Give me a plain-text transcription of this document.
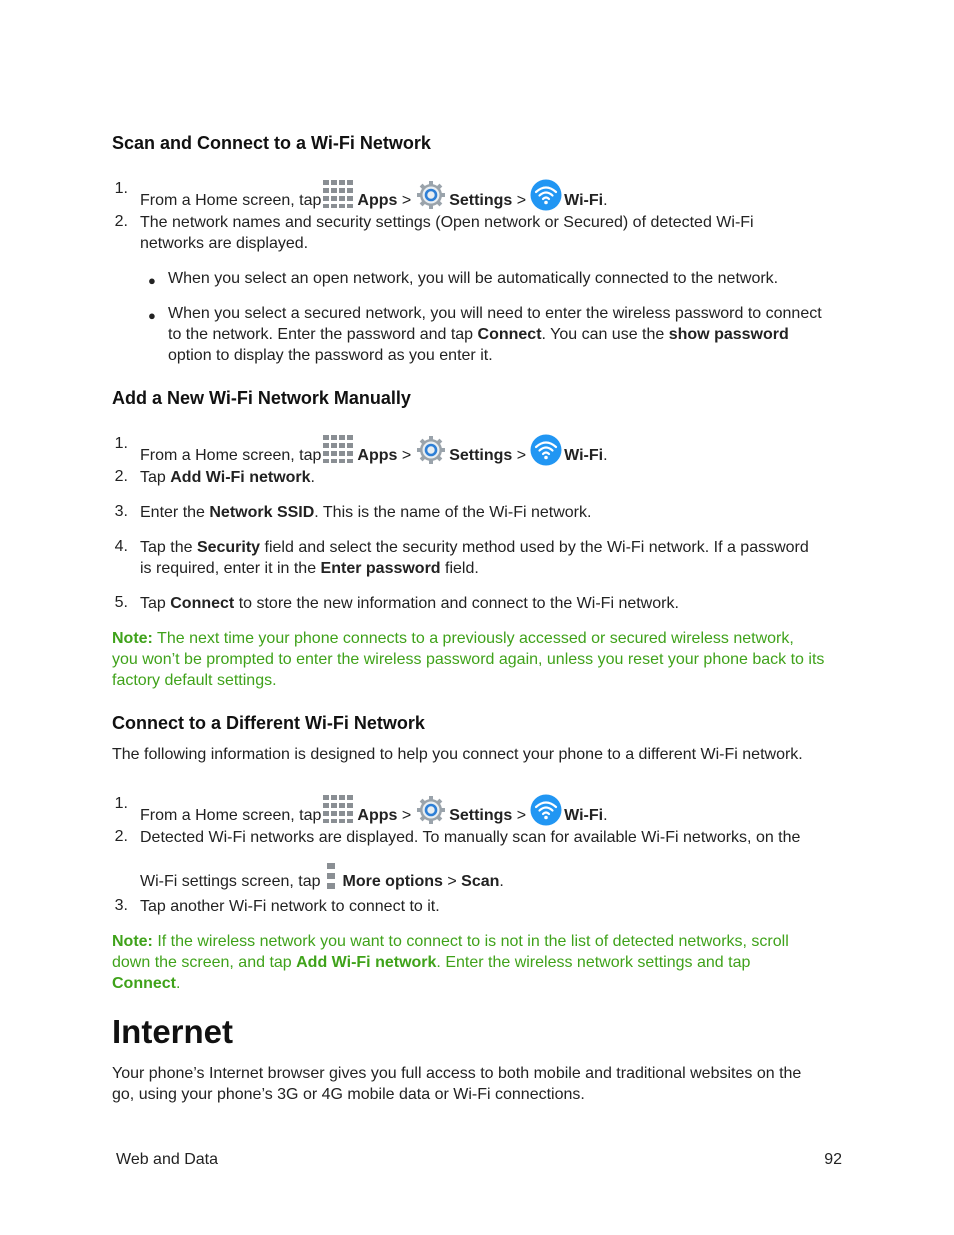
Scan and Connect to a Wi-Fi Network
1.
From a Home screen, tap Apps > Settings > Wi-Fi.
2. The network names and security settings (Open network or Secured) of detected Wi-Fi
networks are displayed.
● When you select an open network, you will be automatically connected to the network.
● When you select a secured network, you will need to enter the wireless password to connect
to the network. Enter the password and tap Connect. You can use the show password
option to display the password as you enter it.
Add a New Wi-Fi Network Manually
1.
From a Home screen, tap Apps > Settings > Wi-Fi.
2. Tap Add Wi-Fi network.
3. Enter the Network SSID. This is the name of the Wi-Fi network.
4. Tap the Security field and select the security method used by the Wi-Fi network. If a password
is required, enter it in the Enter password field.
5. Tap Connect to store the new information and connect to the Wi-Fi network.
Note: The next time your phone connects to a previously accessed or secured wireless network,
you won’t be prompted to enter the wireless password again, unless you reset your phone back to its
factory default settings.
Connect to a Different Wi-Fi Network
The following information is designed to help you connect your phone to a different Wi-Fi network.
1.
From a Home screen, tap Apps > Settings > Wi-Fi.
2. Detected Wi-Fi networks are displayed. To manually scan for available Wi-Fi networks, on the
Wi-Fi settings screen, tap More options > Scan.
3. Tap another Wi-Fi network to connect to it.
Note: If the wireless network you want to connect to is not in the list of detected networks, scroll
down the screen, and tap Add Wi-Fi network. Enter the wireless network settings and tap
Connect.
Internet
Your phone’s Internet browser gives you full access to both mobile and traditional websites on the
go, using your phone’s 3G or 4G mobile data or Wi-Fi connections.
Web and Data	92
